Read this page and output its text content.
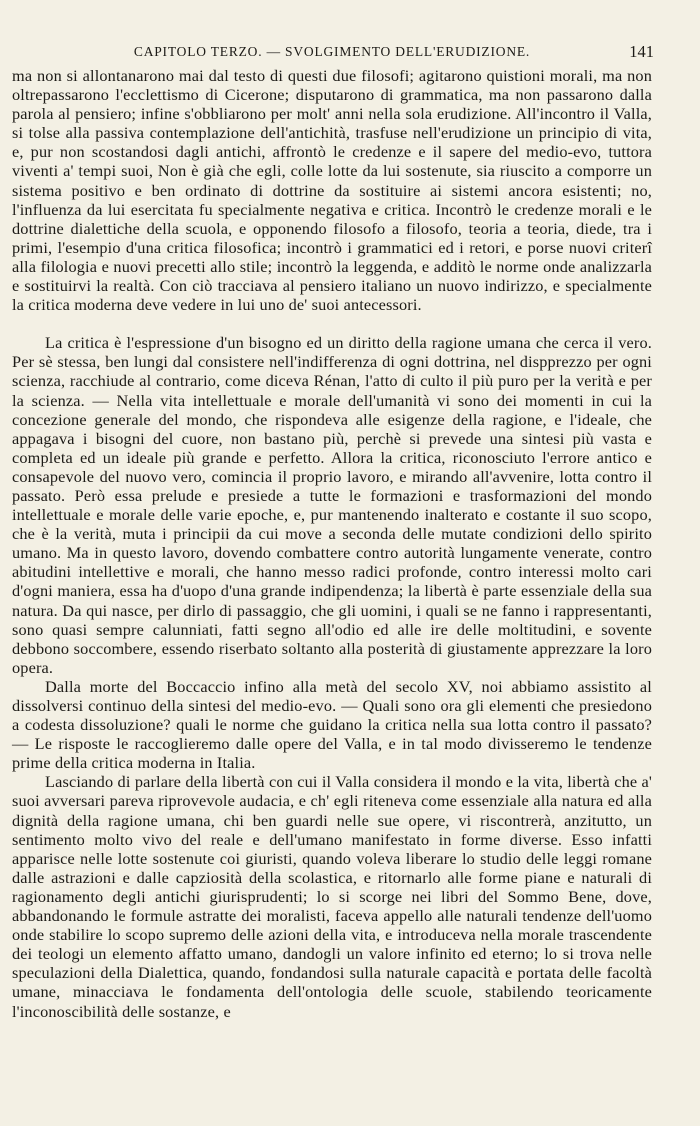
CAPITOLO TERZO. — SVOLGIMENTO DELL'ERUDIZIONE.	141

ma non si allontanarono mai dal testo di questi due filosofi; agitarono quistioni morali, ma non oltrepassarono l'ecclettismo di Cicerone; disputarono di grammatica, ma non passarono dalla parola al pensiero; infine s'obbliarono per molt' anni nella sola erudizione. All'incontro il Valla, si tolse alla passiva contemplazione dell'antichità, trasfuse nell'erudizione un principio di vita, e, pur non scostandosi dagli antichi, affrontò le credenze e il sapere del medio-evo, tuttora viventi a' tempi suoi, Non è già che egli, colle lotte da lui sostenute, sia riuscito a comporre un sistema positivo e ben ordinato di dottrine da sostituire ai sistemi ancora esistenti; no, l'influenza da lui esercitata fu specialmente negativa e critica. Incontrò le credenze morali e le dottrine dialettiche della scuola, e opponendo filosofo a filosofo, teoria a teoria, diede, tra i primi, l'esempio d'una critica filosofica; incontrò i grammatici ed i retori, e porse nuovi criterî alla filologia e nuovi precetti allo stile; incontrò la leggenda, e additò le norme onde analizzarla e sostituirvi la realtà. Con ciò tracciava al pensiero italiano un nuovo indirizzo, e specialmente la critica moderna deve vedere in lui uno de' suoi antecessori.

La critica è l'espressione d'un bisogno ed un diritto della ragione umana che cerca il vero. Per sè stessa, ben lungi dal consistere nell'indifferenza di ogni dottrina, nel dispprezzo per ogni scienza, racchiude al contrario, come diceva Rénan, l'atto di culto il più puro per la verità e per la scienza. — Nella vita intellettuale e morale dell'umanità vi sono dei momenti in cui la concezione generale del mondo, che rispondeva alle esigenze della ragione, e l'ideale, che appagava i bisogni del cuore, non bastano più, perchè si prevede una sintesi più vasta e completa ed un ideale più grande e perfetto. Allora la critica, riconosciuto l'errore antico e consapevole del nuovo vero, comincia il proprio lavoro, e mirando all'avvenire, lotta contro il passato. Però essa prelude e presiede a tutte le formazioni e trasformazioni del mondo intellettuale e morale delle varie epoche, e, pur mantenendo inalterato e costante il suo scopo, che è la verità, muta i principii da cui move a seconda delle mutate condizioni dello spirito umano. Ma in questo lavoro, dovendo combattere contro autorità lungamente venerate, contro abitudini intellettive e morali, che hanno messo radici profonde, contro interessi molto cari d'ogni maniera, essa ha d'uopo d'una grande indipendenza; la libertà è parte essenziale della sua natura. Da qui nasce, per dirlo di passaggio, che gli uomini, i quali se ne fanno i rappresentanti, sono quasi sempre calunniati, fatti segno all'odio ed alle ire delle moltitudini, e sovente debbono soccombere, essendo riserbato soltanto alla posterità di giustamente apprezzare la loro opera.

Dalla morte del Boccaccio infino alla metà del secolo XV, noi abbiamo assistito al dissolversi continuo della sintesi del medio-evo. — Quali sono ora gli elementi che presiedono a codesta dissoluzione? quali le norme che guidano la critica nella sua lotta contro il passato? — Le risposte le raccoglieremo dalle opere del Valla, e in tal modo divisseremo le tendenze prime della critica moderna in Italia.

Lasciando di parlare della libertà con cui il Valla considera il mondo e la vita, libertà che a' suoi avversari pareva riprovevole audacia, e ch' egli riteneva come essenziale alla natura ed alla dignità della ragione umana, chi ben guardi nelle sue opere, vi riscontrerà, anzitutto, un sentimento molto vivo del reale e dell'umano manifestato in forme diverse. Esso infatti apparisce nelle lotte sostenute coi giuristi, quando voleva liberare lo studio delle leggi romane dalle astrazioni e dalle capziosità della scolastica, e ritornarlo alle forme piane e naturali di ragionamento degli antichi giurisprudenti; lo si scorge nei libri del Sommo Bene, dove, abbandonando le formule astratte dei moralisti, faceva appello alle naturali tendenze dell'uomo onde stabilire lo scopo supremo delle azioni della vita, e introduceva nella morale trascendente dei teologi un elemento affatto umano, dandogli un valore infinito ed eterno; lo si trova nelle speculazioni della Dialettica, quando, fondandosi sulla naturale capacità e portata delle facoltà umane, minacciava le fondamenta dell'ontologia delle scuole, stabilendo teoricamente l'inconoscibilità delle sostanze, e
